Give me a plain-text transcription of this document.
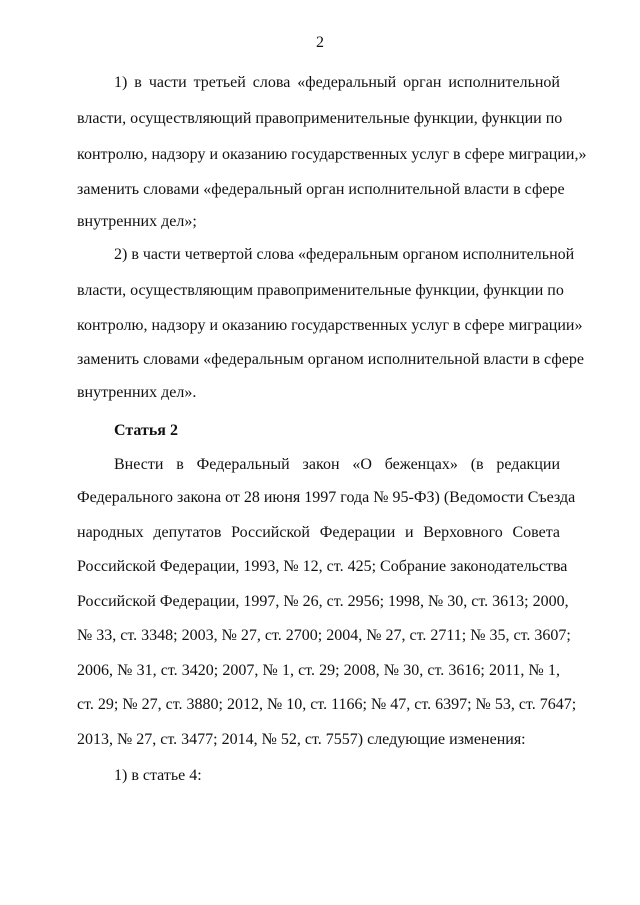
2
1) в части третьей слова «федеральный орган исполнительной
власти, осуществляющий правоприменительные функции, функции по
контролю, надзору и оказанию государственных услуг в сфере миграции,»
заменить словами «федеральный орган исполнительной власти в сфере
внутренних дел»;
2) в части четвертой слова «федеральным органом исполнительной
власти, осуществляющим правоприменительные функции, функции по
контролю, надзору и оказанию государственных услуг в сфере миграции»
заменить словами «федеральным органом исполнительной власти в сфере
внутренних дел».
Статья 2
Внести в Федеральный закон «О беженцах» (в редакции
Федерального закона от 28 июня 1997 года № 95-ФЗ) (Ведомости Съезда
народных депутатов Российской Федерации и Верховного Совета
Российской Федерации, 1993, № 12, ст. 425; Собрание законодательства
Российской Федерации, 1997, № 26, ст. 2956; 1998, № 30, ст. 3613; 2000,
№ 33, ст. 3348; 2003, № 27, ст. 2700; 2004, № 27, ст. 2711; № 35, ст. 3607;
2006, № 31, ст. 3420; 2007, № 1, ст. 29; 2008, № 30, ст. 3616; 2011, № 1,
ст. 29; № 27, ст. 3880; 2012, № 10, ст. 1166; № 47, ст. 6397; № 53, ст. 7647;
2013, № 27, ст. 3477; 2014, № 52, ст. 7557) следующие изменения:
1) в статье 4:
